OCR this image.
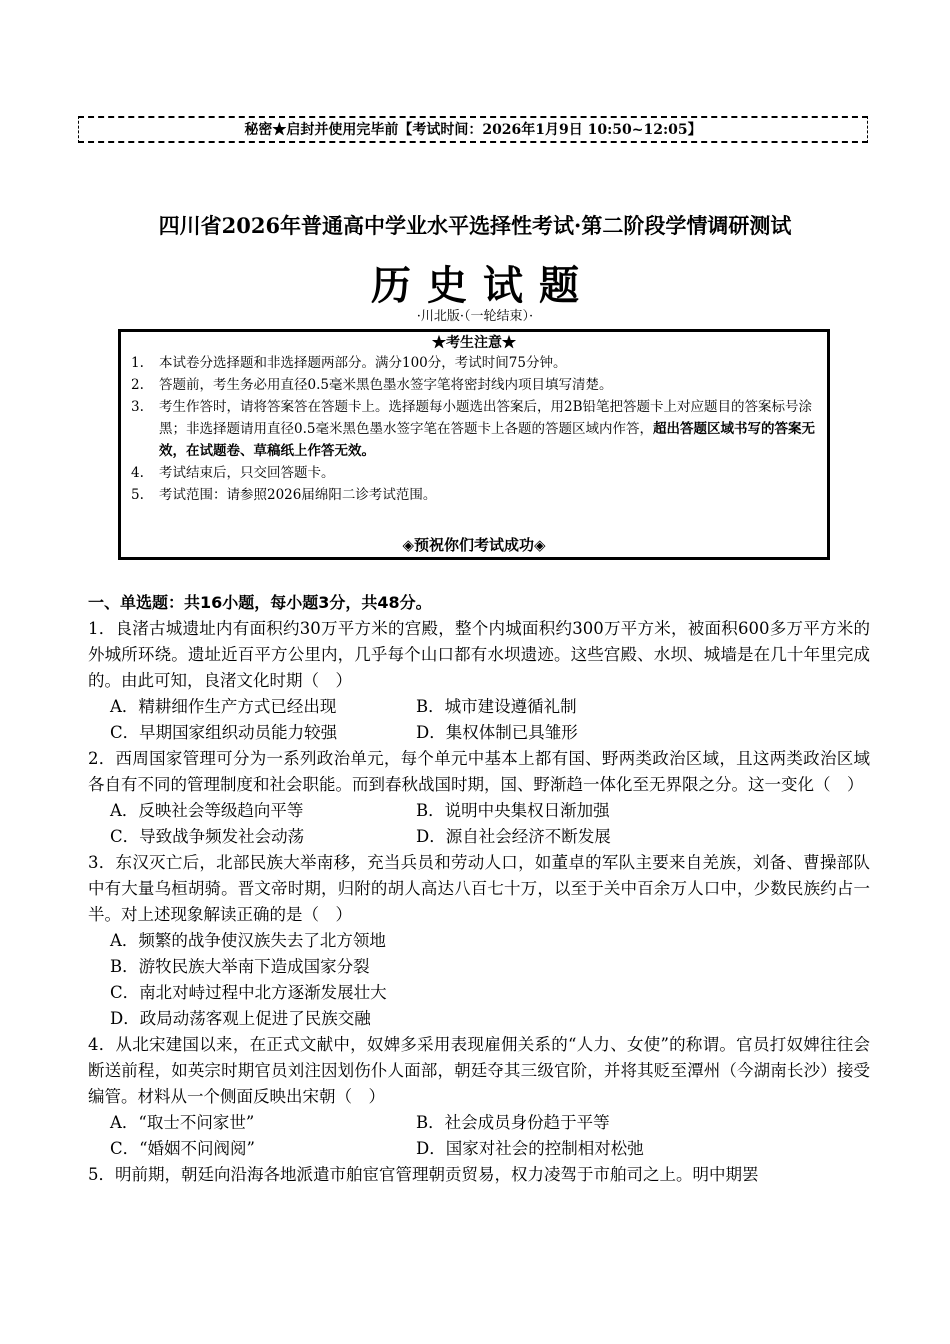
秘密★启封并使用完毕前【考试时间：2026年1月9日 10:50~12:05】
四川省2026年普通高中学业水平选择性考试·第二阶段学情调研测试
历史试题
·川北版·（一轮结束）·
★考生注意★
1. 本试卷分选择题和非选择题两部分。满分100分，考试时间75分钟。
2. 答题前，考生务必用直径0.5毫米黑色墨水签字笔将密封线内项目填写清楚。
3. 考生作答时，请将答案答在答题卡上。选择题每小题选出答案后，用2B铅笔把答题卡上对应题目的答案标号涂黑；非选择题请用直径0.5毫米黑色墨水签字笔在答题卡上各题的答题区域内作答，超出答题区域书写的答案无效，在试题卷、草稿纸上作答无效。
4. 考试结束后，只交回答题卡。
5. 考试范围：请参照2026届绵阳二诊考试范围。
◈预祝你们考试成功◈
一、单选题：共16小题，每小题3分，共48分。
1．良渚古城遗址内有面积约30万平方米的宫殿，整个内城面积约300万平方米，被面积600多万平方米的外城所环绕。遗址近百平方公里内，几乎每个山口都有水坝遗迹。这些宫殿、水坝、城墙是在几十年里完成的。由此可知，良渚文化时期（　）
A．精耕细作生产方式已经出现	B．城市建设遵循礼制
C．早期国家组织动员能力较强	D．集权体制已具雏形
2．西周国家管理可分为一系列政治单元，每个单元中基本上都有国、野两类政治区域，且这两类政治区域各自有不同的管理制度和社会职能。而到春秋战国时期，国、野渐趋一体化至无界限之分。这一变化（　）
A．反映社会等级趋向平等	B．说明中央集权日渐加强
C．导致战争频发社会动荡	D．源自社会经济不断发展
3．东汉灭亡后，北部民族大举南移，充当兵员和劳动人口，如董卓的军队主要来自羌族，刘备、曹操部队中有大量乌桓胡骑。晋文帝时期，归附的胡人高达八百七十万，以至于关中百余万人口中，少数民族约占一半。对上述现象解读正确的是（　）
A．频繁的战争使汉族失去了北方领地
B．游牧民族大举南下造成国家分裂
C．南北对峙过程中北方逐渐发展壮大
D．政局动荡客观上促进了民族交融
4．从北宋建国以来，在正式文献中，奴婢多采用表现雇佣关系的“人力、女使”的称谓。官员打奴婢往往会断送前程，如英宗时期官员刘注因划伤仆人面部，朝廷夺其三级官阶，并将其贬至潭州（今湖南长沙）接受编管。材料从一个侧面反映出宋朝（　）
A．“取士不问家世”	B．社会成员身份趋于平等
C．“婚姻不问阀阅”	D．国家对社会的控制相对松弛
5．明前期，朝廷向沿海各地派遣市舶宦官管理朝贡贸易，权力凌驾于市舶司之上。明中期罢
